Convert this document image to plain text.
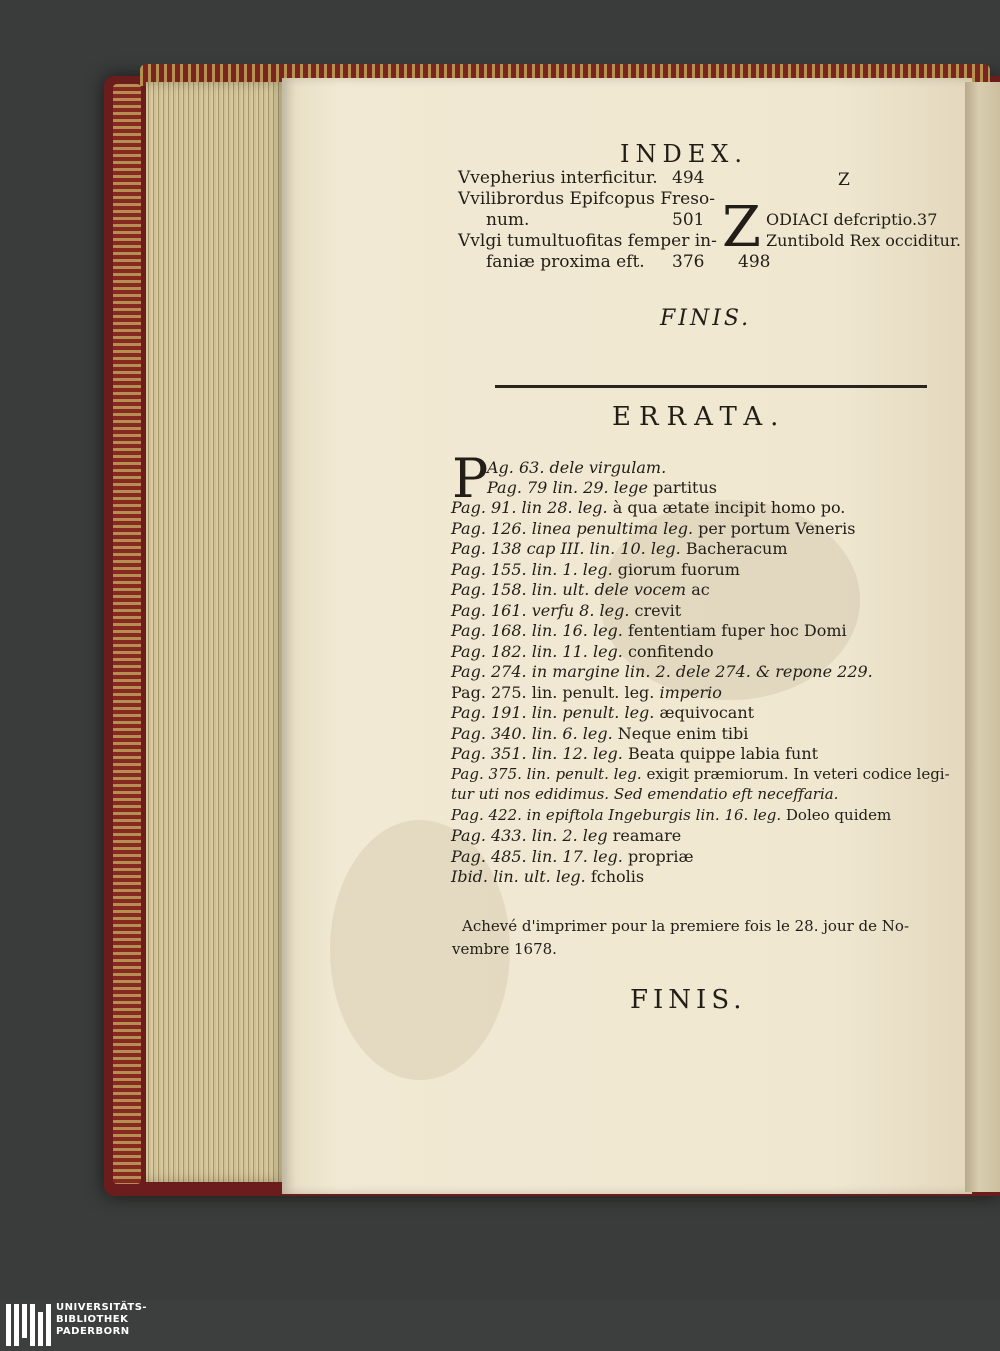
INDEX.
Vvepherius interficitur. 494
Vvilibrordus Epifcopus Freso-
num.	501
Vvlgi tumultuofitas femper in-
faniæ proxima eft. 376
Z
Z ODIACI defcriptio.37
Zuntibold Rex occiditur.
498
FINIS.
ERRATA.
P
Ag. 63. dele virgulam.
Pag. 79 lin. 29. lege partitus
Pag. 91. lin 28. leg. à qua ætate incipit homo po.
Pag. 126. linea penultima leg. per portum Veneris
Pag. 138 cap III. lin. 10. leg. Bacheracum
Pag. 155. lin. 1. leg. giorum fuorum
Pag. 158. lin. ult. dele vocem ac
Pag. 161. verfu 8. leg. crevit
Pag. 168. lin. 16. leg. fententiam fuper hoc Domi
Pag. 182. lin. 11. leg. confitendo
Pag. 274. in margine lin. 2. dele 274. & repone 229.
Pag. 275. lin. penult. leg. imperio
Pag. 191. lin. penult. leg. æquivocant
Pag. 340. lin. 6. leg. Neque enim tibi
Pag. 351. lin. 12. leg. Beata quippe labia funt
Pag. 375. lin. penult. leg. exigit præmiorum. In veteri codice legi-
tur uti nos edidimus. Sed emendatio eft neceffaria.
Pag. 422. in epiftola Ingeburgis lin. 16. leg. Doleo quidem
Pag. 433. lin. 2. leg reamare
Pag. 485. lin. 17. leg. propriæ
Ibid. lin. ult. leg. fcholis
Achevé d'imprimer pour la premiere fois le 28. jour de No-
vembre 1678.
FINIS.
UNIVERSITÄTS-
BIBLIOTHEK
PADERBORN
